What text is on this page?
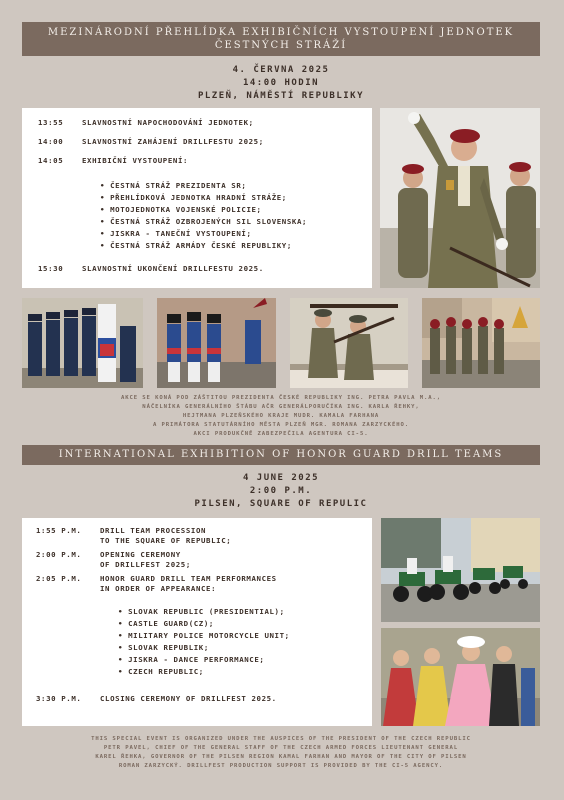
MEZINÁRODNÍ PŘEHLÍDKA EXHIBIČNÍCH VYSTOUPENÍ JEDNOTEK
ČESTNÝCH STRÁŽÍ
4. ČERVNA 2025
14:00 HODIN
PLZEŇ, NÁMĚSTÍ REPUBLIKY
13:55	SLAVNOSTNÍ NAPOCHODOVÁNÍ JEDNOTEK;
14:00	SLAVNOSTNÍ ZAHÁJENÍ DRILLFESTU 2025;
14:05	EXHIBIČNÍ VYSTOUPENÍ:
• ČESTNÁ STRÁŽ PREZIDENTA SR;
• PŘEHLÍDKOVÁ JEDNOTKA HRADNÍ STRÁŽE;
• MOTOJEDNOTKA VOJENSKÉ POLICIE;
• ČESTNÁ STRÁŽ OZBROJENÝCH SIL SLOVENSKA;
• JISKRA - TANEČNÍ VYSTOUPENÍ;
• ČESTNÁ STRÁŽ ARMÁDY ČESKÉ REPUBLIKY;
15:30	SLAVNOSTNÍ UKONČENÍ DRILLFESTU 2025.
AKCE SE KONÁ POD ZÁŠTITOU PREZIDENTA ČESKÉ REPUBLIKY ING. PETRA PAVLA M.A.,
NÁČELNÍKA GENERÁLNÍHO ŠTÁBU AČR GENERÁLPORUČÍKA ING. KARLA ŘEHKY,
HEJTMANA PLZEŇSKÉHO KRAJE MUDR. KAMALA FARHANA
A PRIMÁTORA STATUTÁRNÍHO MĚSTA PLZEŇ MGR. ROMANA ZARZYCKÉHO.
AKCI PRODUKČNĚ ZABEZPEČILA AGENTURA CI-5.
INTERNATIONAL EXHIBITION OF HONOR GUARD DRILL TEAMS
4 JUNE 2025
2:00 P.M.
PILSEN, SQUARE OF REPULIC
1:55 P.M.	DRILL TEAM PROCESSION
TO THE SQUARE OF REPUBLIC;
2:00 P.M.	OPENING CEREMONY
OF DRILLFEST 2025;
2:05 P.M.	HONOR GUARD DRILL TEAM PERFORMANCES
IN ORDER OF APPEARANCE:
• SLOVAK REPUBLIC (PRESIDENTIAL);
• CASTLE GUARD(CZ);
• MILITARY POLICE MOTORCYCLE UNIT;
• SLOVAK REPUBLIK;
• JISKRA - DANCE PERFORMANCE;
• CZECH REPUBLIC;
3:30 P.M.	CLOSING CEREMONY OF DRILLFEST 2025.
THIS SPECIAL EVENT IS ORGANIZED UNDER THE AUSPICES OF THE PRESIDENT OF THE CZECH REPUBLIC
PETR PAVEL, CHIEF OF THE GENERAL STAFF OF THE CZECH ARMED FORCES LIEUTENANT GENERAL
KAREL ŘEHKA, GOVERNOR OF THE PILSEN REGION KAMAL FARHAN AND MAYOR OF THE CITY OF PILSEN
ROMAN ZARZYCKÝ. DRILLFEST PRODUCTION SUPPORT IS PROVIDED BY THE CI-5 AGENCY.
